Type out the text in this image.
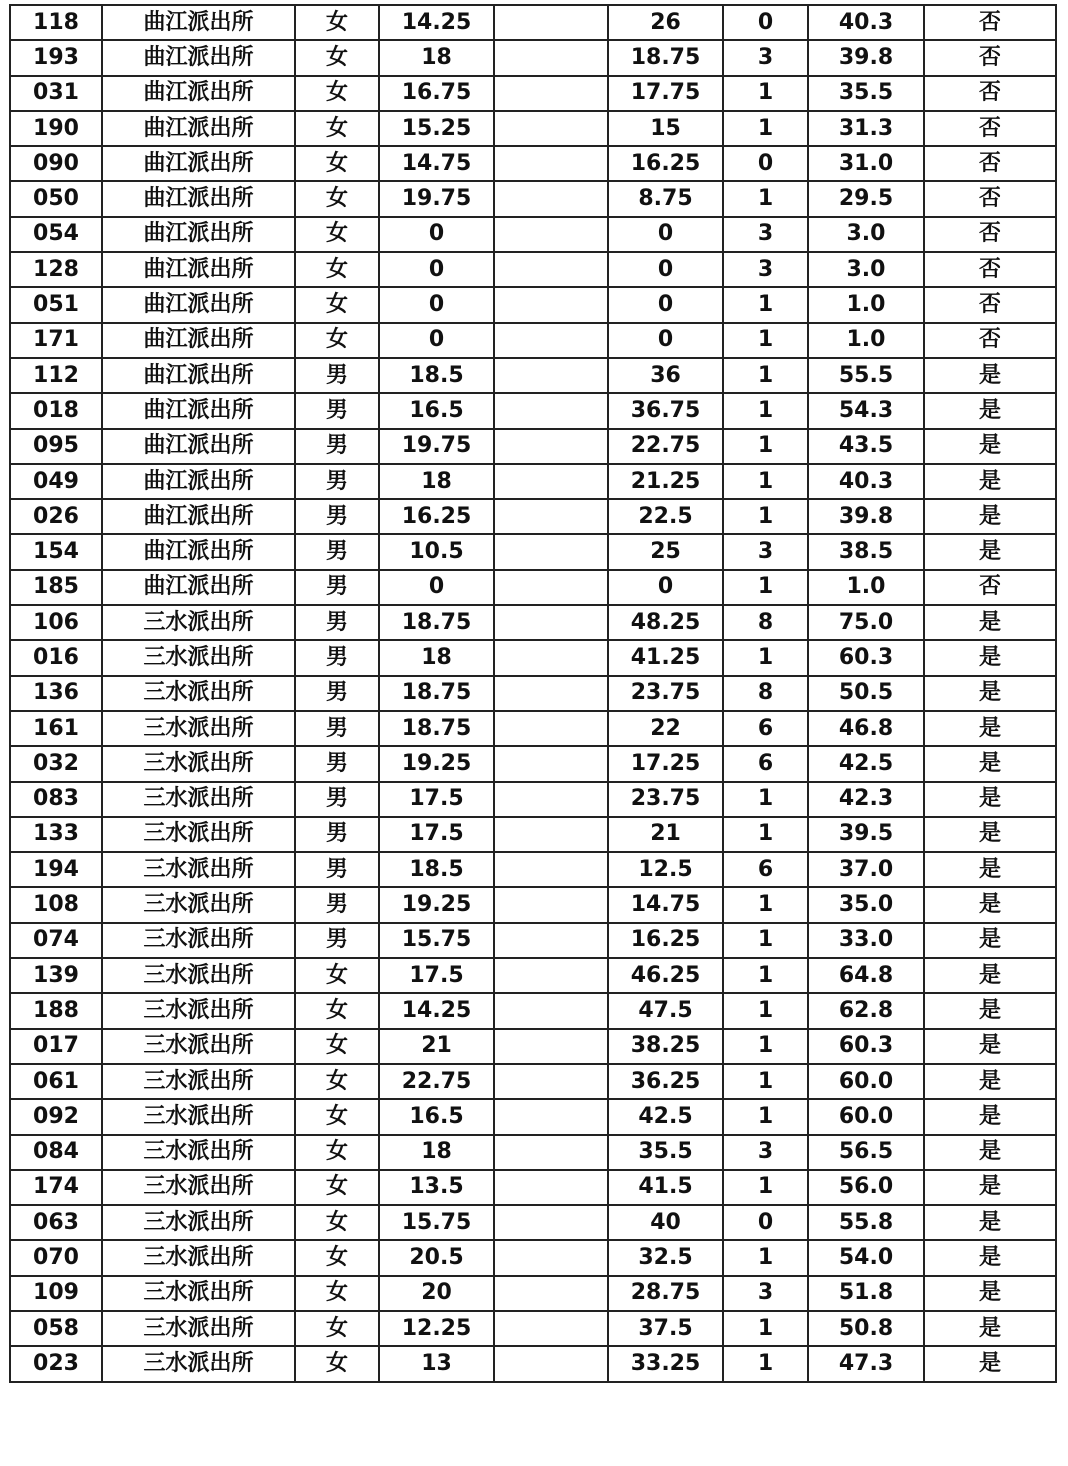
118	曲江派出所	女	14.25		26	0	40.3	否
193	曲江派出所	女	18		18.75	3	39.8	否
031	曲江派出所	女	16.75		17.75	1	35.5	否
190	曲江派出所	女	15.25		15	1	31.3	否
090	曲江派出所	女	14.75		16.25	0	31.0	否
050	曲江派出所	女	19.75		8.75	1	29.5	否
054	曲江派出所	女	0		0	3	3.0	否
128	曲江派出所	女	0		0	3	3.0	否
051	曲江派出所	女	0		0	1	1.0	否
171	曲江派出所	女	0		0	1	1.0	否
112	曲江派出所	男	18.5		36	1	55.5	是
018	曲江派出所	男	16.5		36.75	1	54.3	是
095	曲江派出所	男	19.75		22.75	1	43.5	是
049	曲江派出所	男	18		21.25	1	40.3	是
026	曲江派出所	男	16.25		22.5	1	39.8	是
154	曲江派出所	男	10.5		25	3	38.5	是
185	曲江派出所	男	0		0	1	1.0	否
106	三水派出所	男	18.75		48.25	8	75.0	是
016	三水派出所	男	18		41.25	1	60.3	是
136	三水派出所	男	18.75		23.75	8	50.5	是
161	三水派出所	男	18.75		22	6	46.8	是
032	三水派出所	男	19.25		17.25	6	42.5	是
083	三水派出所	男	17.5		23.75	1	42.3	是
133	三水派出所	男	17.5		21	1	39.5	是
194	三水派出所	男	18.5		12.5	6	37.0	是
108	三水派出所	男	19.25		14.75	1	35.0	是
074	三水派出所	男	15.75		16.25	1	33.0	是
139	三水派出所	女	17.5		46.25	1	64.8	是
188	三水派出所	女	14.25		47.5	1	62.8	是
017	三水派出所	女	21		38.25	1	60.3	是
061	三水派出所	女	22.75		36.25	1	60.0	是
092	三水派出所	女	16.5		42.5	1	60.0	是
084	三水派出所	女	18		35.5	3	56.5	是
174	三水派出所	女	13.5		41.5	1	56.0	是
063	三水派出所	女	15.75		40	0	55.8	是
070	三水派出所	女	20.5		32.5	1	54.0	是
109	三水派出所	女	20		28.75	3	51.8	是
058	三水派出所	女	12.25		37.5	1	50.8	是
023	三水派出所	女	13		33.25	1	47.3	是
